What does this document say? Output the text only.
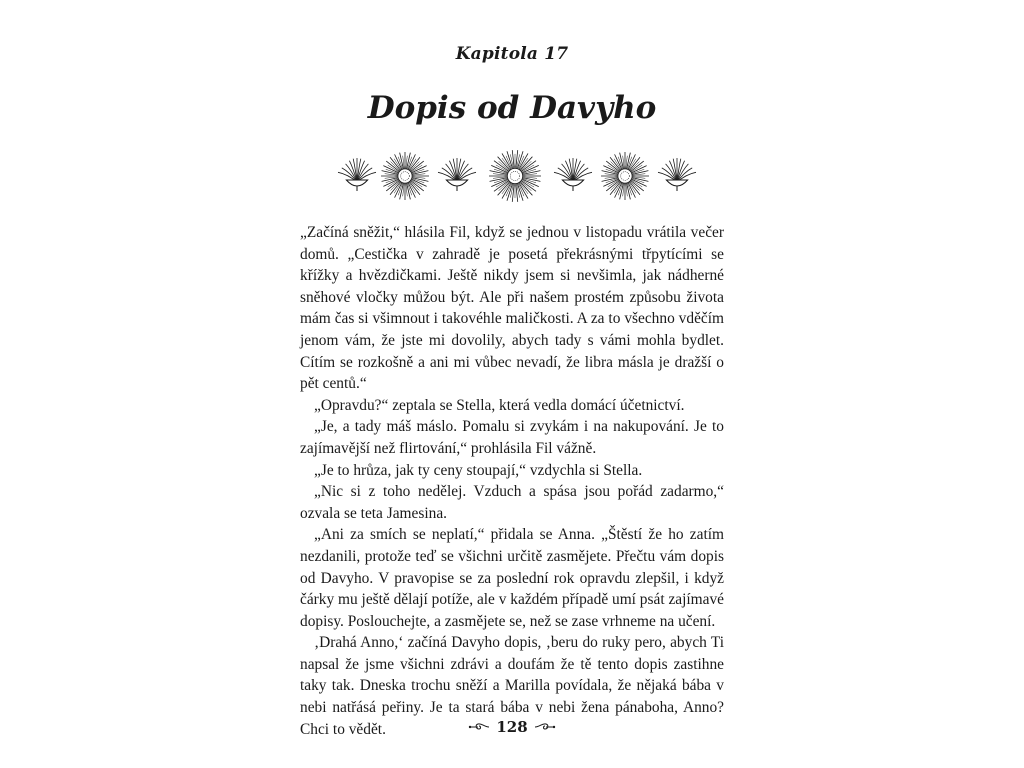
Kapitola 17
Dopis od Davyho

„Začíná sněžit,“ hlásila Fil, když se jednou v listopadu vrátila večer domů. „Cestička v zahradě je posetá překrásnými třpytícími se křížky a hvězdičkami. Ještě nikdy jsem si nevšimla, jak nádherné sněhové vločky můžou být. Ale při našem prostém způsobu života mám čas si všimnout i takovéhle maličkosti. A za to všechno vděčím jenom vám, že jste mi dovolily, abych tady s vámi mohla bydlet. Cítím se rozkošně a ani mi vůbec nevadí, že libra másla je dražší o pět centů.“

„Opravdu?“ zeptala se Stella, která vedla domácí účetnictví.

„Je, a tady máš máslo. Pomalu si zvykám i na nakupování. Je to zajímavější než flirtování,“ prohlásila Fil vážně.

„Je to hrůza, jak ty ceny stoupají,“ vzdychla si Stella.

„Nic si z toho nedělej. Vzduch a spása jsou pořád zadarmo,“ ozvala se teta Jamesina.

„Ani za smích se neplatí,“ přidala se Anna. „Štěstí že ho zatím nezdanili, protože teď se všichni určitě zasmějete. Přečtu vám dopis od Davyho. V pravopise se za poslední rok opravdu zlepšil, i když čárky mu ještě dělají potíže, ale v každém případě umí psát zajímavé dopisy. Poslouchejte, a zasmějete se, než se zase vrhneme na učení.

‚Drahá Anno,‘ začíná Davyho dopis, ‚beru do ruky pero, abych Ti napsal že jsme všichni zdrávi a doufám že tě tento dopis zastihne taky tak. Dneska trochu sněží a Marilla povídala, že nějaká bába v nebi natřásá peřiny. Je ta stará bába v nebi žena pánaboha, Anno? Chci to vědět.	128
